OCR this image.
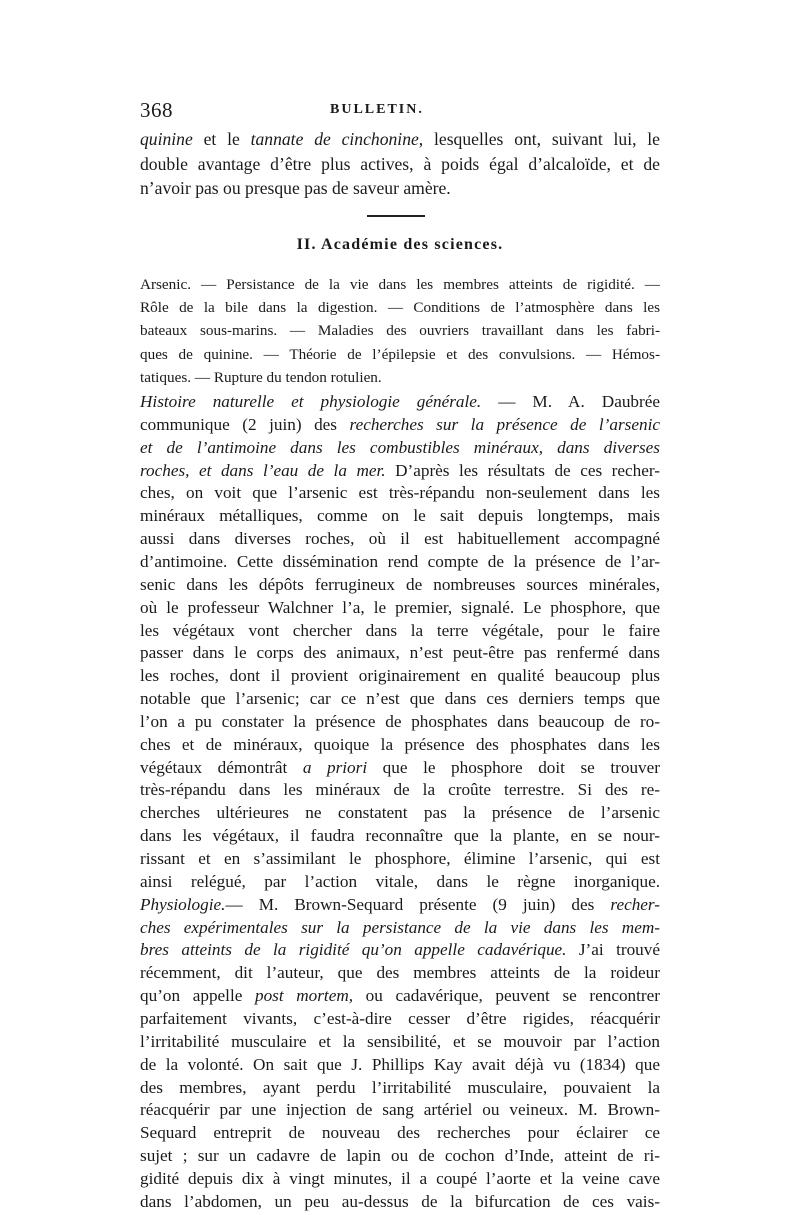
368	BULLETIN.
quinine et le tannate de cinchonine, lesquelles ont, suivant lui, le
double avantage d’être plus actives, à poids égal d’alcaloïde, et de
n’avoir pas ou presque pas de saveur amère.
II. Académie des sciences.
Arsenic. — Persistance de la vie dans les membres atteints de rigidité. —
Rôle de la bile dans la digestion. — Conditions de l’atmosphère dans les
bateaux sous-marins. — Maladies des ouvriers travaillant dans les fabri-
ques de quinine. — Théorie de l’épilepsie et des convulsions. — Hémos-
tatiques. — Rupture du tendon rotulien.
Histoire naturelle et physiologie générale. — M. A. Daubrée
communique (2 juin) des recherches sur la présence de l’arsenic
et de l’antimoine dans les combustibles minéraux, dans diverses
roches, et dans l’eau de la mer. D’après les résultats de ces recher-
ches, on voit que l’arsenic est très-répandu non-seulement dans les
minéraux métalliques, comme on le sait depuis longtemps, mais
aussi dans diverses roches, où il est habituellement accompagné
d’antimoine. Cette dissémination rend compte de la présence de l’ar-
senic dans les dépôts ferrugineux de nombreuses sources minérales,
où le professeur Walchner l’a, le premier, signalé. Le phosphore, que
les végétaux vont chercher dans la terre végétale, pour le faire
passer dans le corps des animaux, n’est peut-être pas renfermé dans
les roches, dont il provient originairement en qualité beaucoup plus
notable que l’arsenic; car ce n’est que dans ces derniers temps que
l’on a pu constater la présence de phosphates dans beaucoup de ro-
ches et de minéraux, quoique la présence des phosphates dans les
végétaux démontrât a priori que le phosphore doit se trouver
très-répandu dans les minéraux de la croûte terrestre. Si des re-
cherches ultérieures ne constatent pas la présence de l’arsenic
dans les végétaux, il faudra reconnaître que la plante, en se nour-
rissant et en s’assimilant le phosphore, élimine l’arsenic, qui est
ainsi relégué, par l’action vitale, dans le règne inorganique.
Physiologie.— M. Brown-Sequard présente (9 juin) des recher-
ches expérimentales sur la persistance de la vie dans les mem-
bres atteints de la rigidité qu’on appelle cadavérique. J’ai trouvé
récemment, dit l’auteur, que des membres atteints de la roideur
qu’on appelle post mortem, ou cadavérique, peuvent se rencontrer
parfaitement vivants, c’est-à-dire cesser d’être rigides, réacquérir
l’irritabilité musculaire et la sensibilité, et se mouvoir par l’action
de la volonté. On sait que J. Phillips Kay avait déjà vu (1834) que
des membres, ayant perdu l’irritabilité musculaire, pouvaient la
réacquérir par une injection de sang artériel ou veineux. M. Brown-
Sequard entreprit de nouveau des recherches pour éclairer ce
sujet ; sur un cadavre de lapin ou de cochon d’Inde, atteint de ri-
gidité depuis dix à vingt minutes, il a coupé l’aorte et la veine cave
dans l’abdomen, un peu au-dessus de la bifurcation de ces vais-
